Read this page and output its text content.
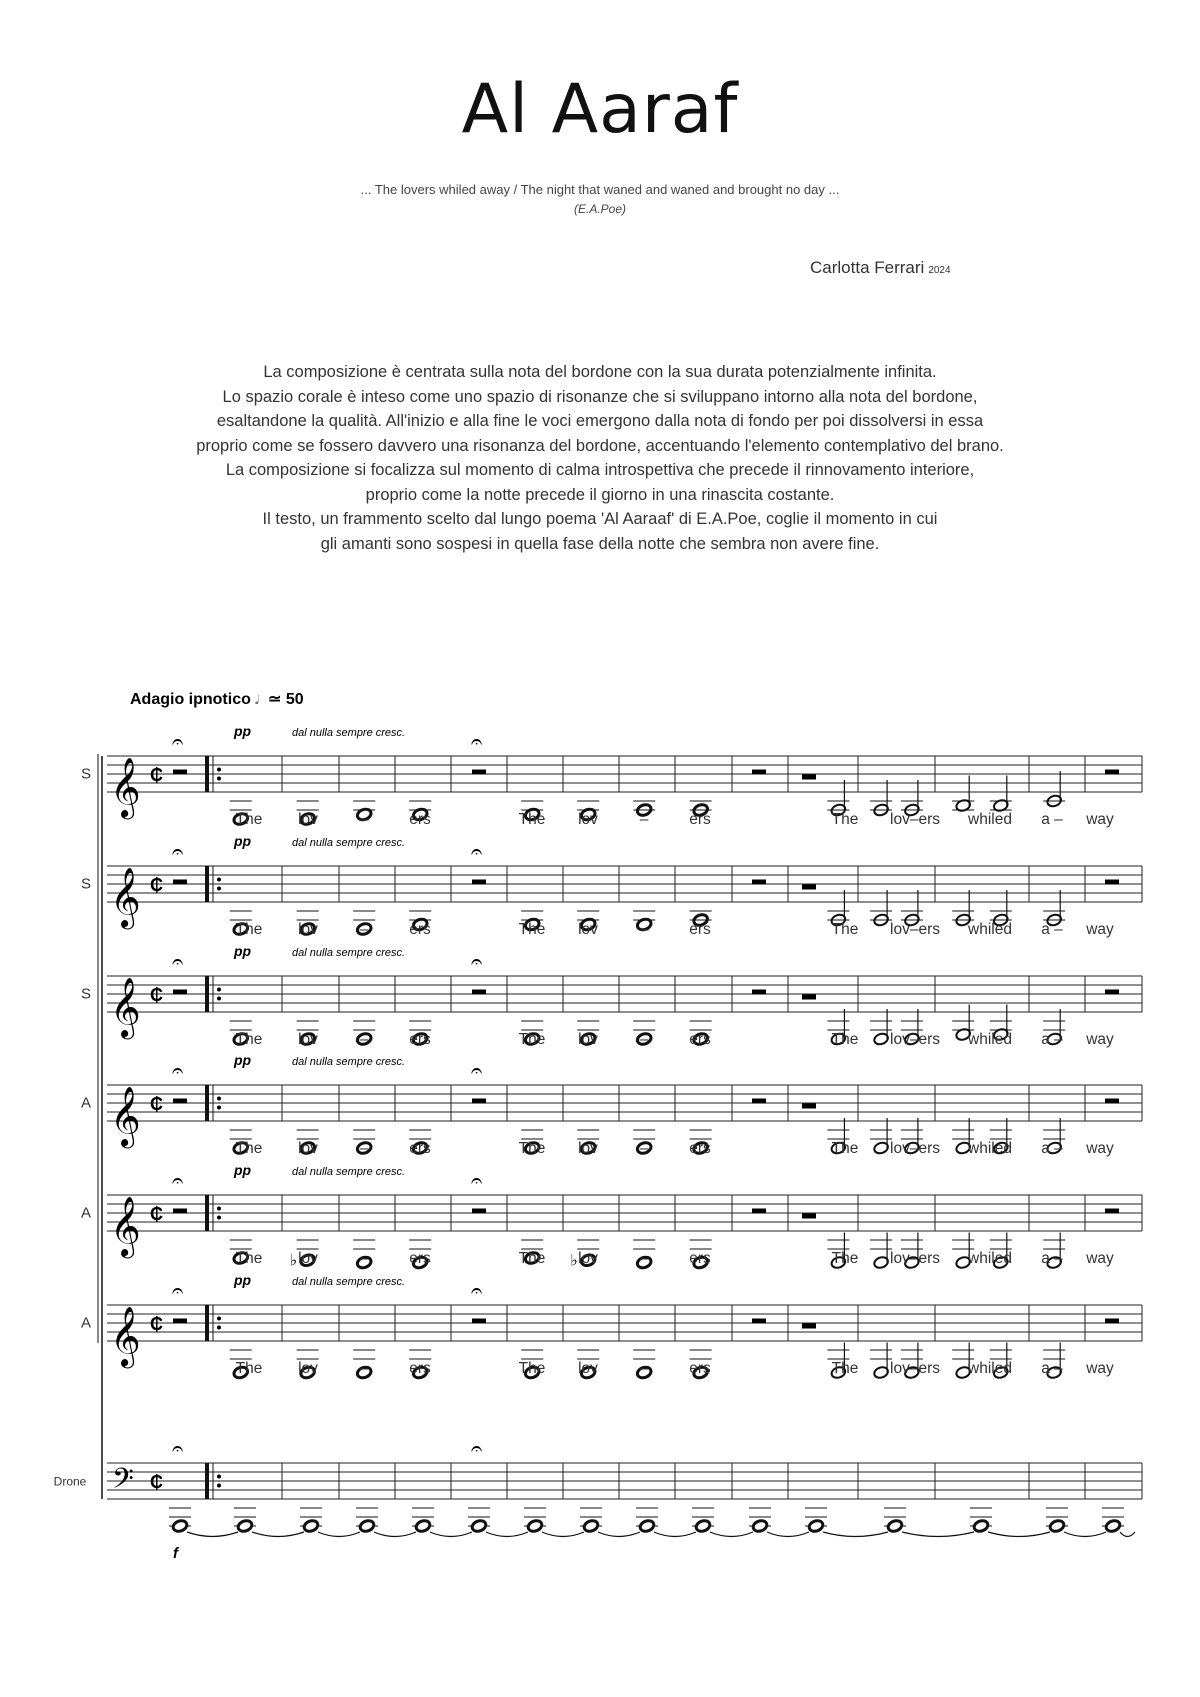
Al Aaraf
... The lovers whiled away / The night that waned and waned and brought no day ...
(E.A.Poe)
Carlotta Ferrari 2024
La composizione è centrata sulla nota del bordone con la sua durata potenzialmente infinita.
Lo spazio corale è inteso come uno spazio di risonanze che si sviluppano intorno alla nota del bordone,
esaltandone la qualità. All'inizio e alla fine le voci emergono dalla nota di fondo per poi dissolversi in essa
proprio come se fossero davvero una risonanza del bordone, accentuando l'elemento contemplativo del brano.
La composizione si focalizza sul momento di calma introspettiva che precede il rinnovamento interiore,
proprio come la notte precede il giorno in una rinascita costante.
Il testo, un frammento scelto dal lungo poema 'Al Aaraaf' di E.A.Poe, coglie il momento in cui
gli amanti sono sospesi in quella fase della notte che sembra non avere fine.
Adagio ipnotico 𝅗𝅥 ≃ 50
𝄞 ₵
𝄐	𝄐
S
pp	dal nulla sempre cresc.
The lov	–	ers	The lov	–	ers	The lov–ers whiled a – way
𝄞 ₵
𝄐	𝄐
S
pp	dal nulla sempre cresc.
The lov	–	ers	The lov	–	ers	The lov–ers whiled a – way
𝄞 ₵
𝄐	𝄐
S
pp	dal nulla sempre cresc.
The lov	–	ers	The lov	–	ers	The lov–ers whiled a – way
𝄞 ₵
𝄐	𝄐
A
pp	dal nulla sempre cresc.
The lov	–	ers	The lov	–	ers	The lov–ers whiled a – way
𝄞 ₵
𝄐	𝄐
A
pp	dal nulla sempre cresc.
♭	♭
The lov	–	ers	The lov	–	ers	The lov–ers whiled a – way
𝄞 ₵
𝄐	𝄐
A
pp	dal nulla sempre cresc.
The lov	–	ers	The lov	–	ers	The lov–ers whiled a – way
𝄢 ₵
𝄐	𝄐
Drone
f
